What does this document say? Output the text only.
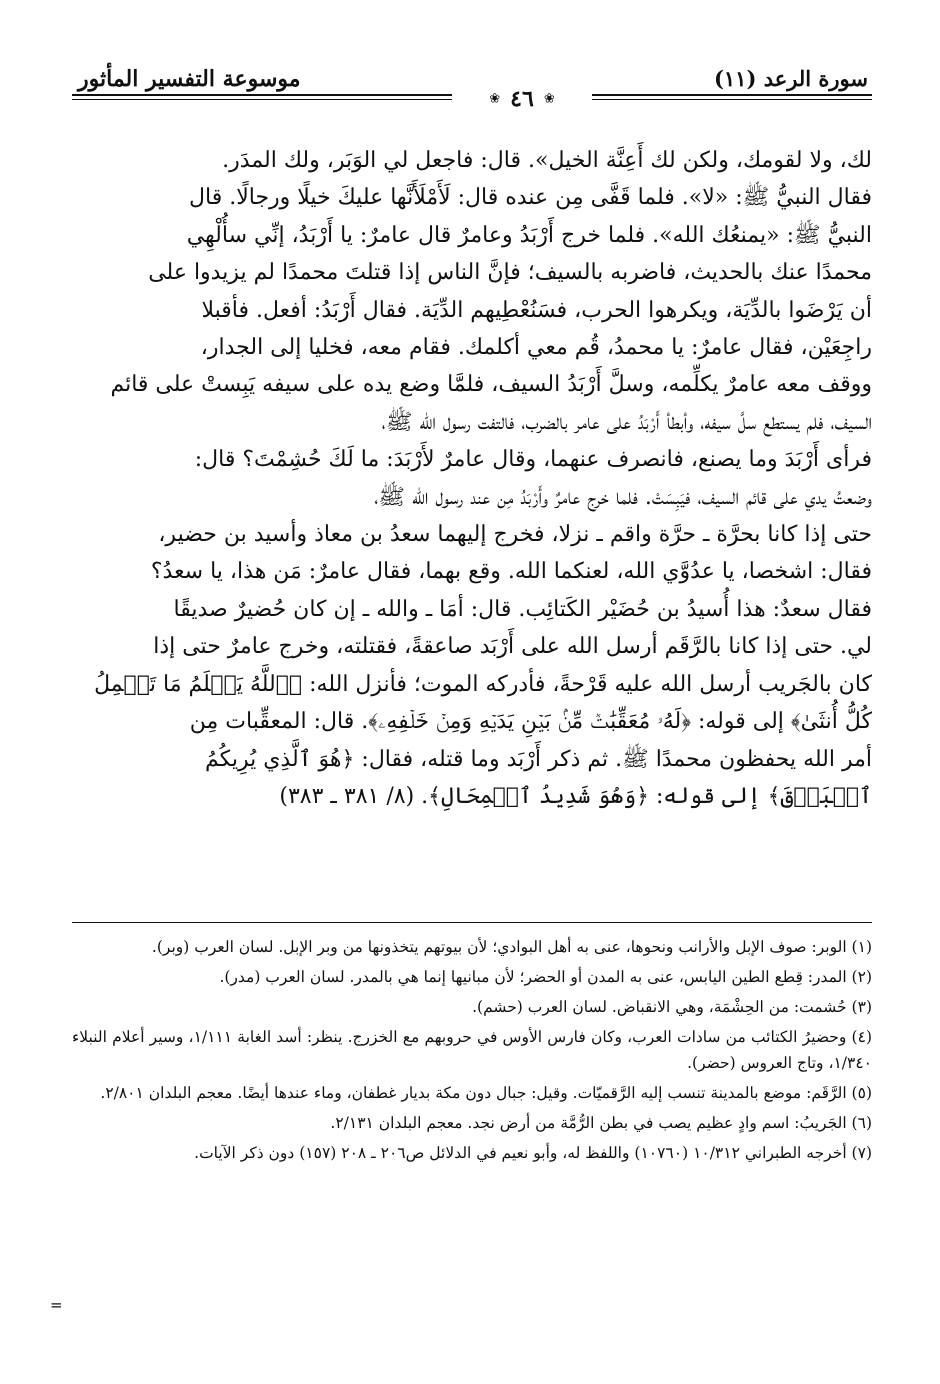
موسوعة التفسير المأثور	سورة الرعد (١١)
❀ ٤٦ ❀

لك، ولا لقومك، ولكن لك أَعِنَّة الخيل». قال: فاجعل لي الوَبَر، ولك المدَر.

فقال النبيُّ ﷺ: «لا». فلما قَفَّى مِن عنده قال: لَأَمْلَأَنَّها عليكَ خيلًا ورجالًا. قال

النبيُّ ﷺ: «يمنعُك الله». فلما خرج أَرْبَدُ وعامرٌ قال عامرٌ: يا أَرْبَدُ، إنِّي سأُلْهِي

محمدًا عنك بالحديث، فاضربه بالسيف؛ فإنَّ الناس إذا قتلتَ محمدًا لم يزيدوا على

أن يَرْضَوا بالدِّيَة، ويكرهوا الحرب، فسَنُعْطِيهم الدِّيَة. فقال أَرْبَدُ: أفعل. فأقبلا

راجِعَيْن، فقال عامرٌ: يا محمدُ، قُم معي أكلمك. فقام معه، فخليا إلى الجدار،

ووقف معه عامرٌ يكلِّمه، وسلَّ أَرْبَدُ السيف، فلمَّا وضع يده على سيفه يَبِستْ على قائم

السيف، فلم يستطع سلَّ سيفه، وأبطأ أَرْبَدُ على عامر بالضرب، فالتفت رسول الله ﷺ،

فرأى أَرْبَدَ وما يصنع، فانصرف عنهما، وقال عامرٌ لأَرْبَدَ: ما لَكَ حُشِمْتَ؟ قال:

وضعتُ يدي على قائم السيف، فيَبِسَتْ. فلما خرج عامرٌ وأَرْبَدُ مِن عند رسول الله ﷺ،

حتى إذا كانا بحرَّة ـ حرَّة واقم ـ نزلا، فخرج إليهما سعدُ بن معاذ وأسيد بن حضير،

فقال: اشخصا، يا عدُوَّي الله، لعنكما الله. وقع بهما، فقال عامرٌ: مَن هذا، يا سعدُ؟

فقال سعدٌ: هذا أُسيدُ بن حُضَيْر الكَتائِب. قال: أمَا ـ والله ـ إن كان حُضيرٌ صديقًا

لي. حتى إذا كانا بالرَّقَم أرسل الله على أَرْبَد صاعقةً، فقتلته، وخرج عامرٌ حتى إذا

كان بالجَريب أرسل الله عليه قَرْحةً، فأدركه الموت؛ فأنزل الله: ﴿ٱللَّهُ يَعۡلَمُ مَا تَحۡمِلُ

كُلُّ أُنثَىٰ﴾ إلى قوله: ﴿لَهُۥ مُعَقِّبَٰتٞ مِّنۢ بَيۡنِ يَدَيۡهِ وَمِنۡ خَلۡفِهِۦ﴾. قال: المعقِّبات مِن

أمر الله يحفظون محمدًا ﷺ. ثم ذكر أَرْبَد وما قتله، فقال: ﴿هُوَ ٱلَّذِي يُرِيكُمُ

ٱلۡبَرۡقَ﴾ إلى قوله: ﴿وَهُوَ شَدِيدُ ٱلۡمِحَالِ﴾. (٨/ ٣٨١ ـ ٣٨٣)

(١) الوبر: صوف الإبل والأرانب ونحوها، عنى به أهل البوادي؛ لأن بيوتهم يتخذونها من وبر الإبل. لسان العرب (وبر).

(٢) المدر: قِطع الطين اليابس، عنى به المدن أو الحضر؛ لأن مبانيها إنما هي بالمدر. لسان العرب (مدر).

(٣) حُشمت: من الحِشْمَة، وهي الانقباض. لسان العرب (حشم).

(٤) وحضيرُ الكتائب من سادات العرب، وكان فارس الأوس في حروبهم مع الخزرج. ينظر: أسد الغابة ١/١١١، وسير أعلام النبلاء ١/٣٤٠، وتاج العروس (حضر).

(٥) الرَّقَم: موضع بالمدينة تنسب إليه الرَّقميّات. وقيل: جبال دون مكة بديار غطفان، وماء عندها أيضًا. معجم البلدان ٢/٨٠١.

(٦) الجَريبُ: اسم وادٍ عظيم يصب في بطن الرُّمَّة من أرض نجد. معجم البلدان ٢/١٣١.

(٧) أخرجه الطبراني ١٠/٣١٢ (١٠٧٦٠) واللفظ له، وأبو نعيم في الدلائل ص٢٠٦ ـ ٢٠٨ (١٥٧) دون ذكر الآيات.

=
